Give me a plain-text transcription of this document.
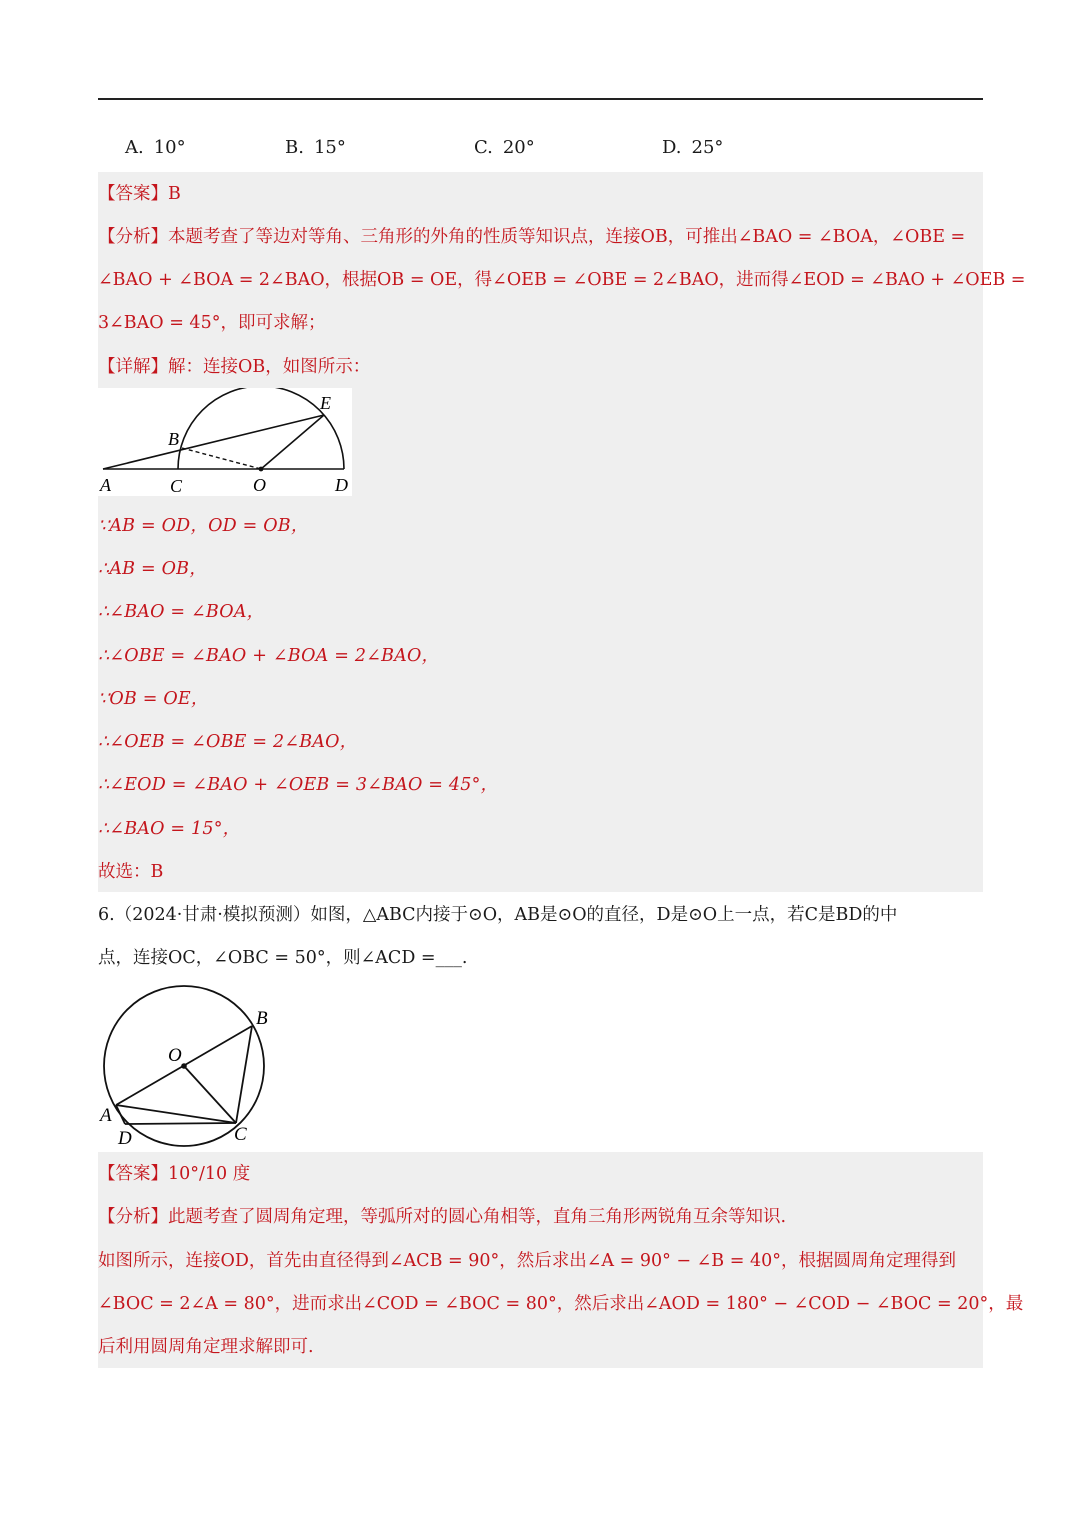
A. 10°	B. 15°	C. 20°	D. 25°
【答案】B
【分析】本题考查了等边对等角、三角形的外角的性质等知识点，连接OB，可推出∠BAO = ∠BOA，∠OBE =
∠BAO + ∠BOA = 2∠BAO，根据OB = OE，得∠OEB = ∠OBE = 2∠BAO，进而得∠EOD = ∠BAO + ∠OEB =
3∠BAO = 45°，即可求解；
【详解】解：连接OB，如图所示：
A
B
C	O	D
E
∵AB = OD，OD = OB，
∴AB = OB，
∴∠BAO = ∠BOA，
∴∠OBE = ∠BAO + ∠BOA = 2∠BAO，
∵OB = OE，
∴∠OEB = ∠OBE = 2∠BAO，
∴∠EOD = ∠BAO + ∠OEB = 3∠BAO = 45°，
∴∠BAO = 15°，
故选：B
6.（2024·甘肃·模拟预测）如图，△ABC内接于⊙O，AB是⊙O的直径，D是⊙O上一点，若C是BD的中
点，连接OC，∠OBC = 50°，则∠ACD =___.
O
B
A
D	C
【答案】10°/10 度
【分析】此题考查了圆周角定理，等弧所对的圆心角相等，直角三角形两锐角互余等知识.
如图所示，连接OD，首先由直径得到∠ACB = 90°，然后求出∠A = 90° − ∠B = 40°，根据圆周角定理得到
∠BOC = 2∠A = 80°，进而求出∠COD = ∠BOC = 80°，然后求出∠AOD = 180° − ∠COD − ∠BOC = 20°，最
后利用圆周角定理求解即可.
